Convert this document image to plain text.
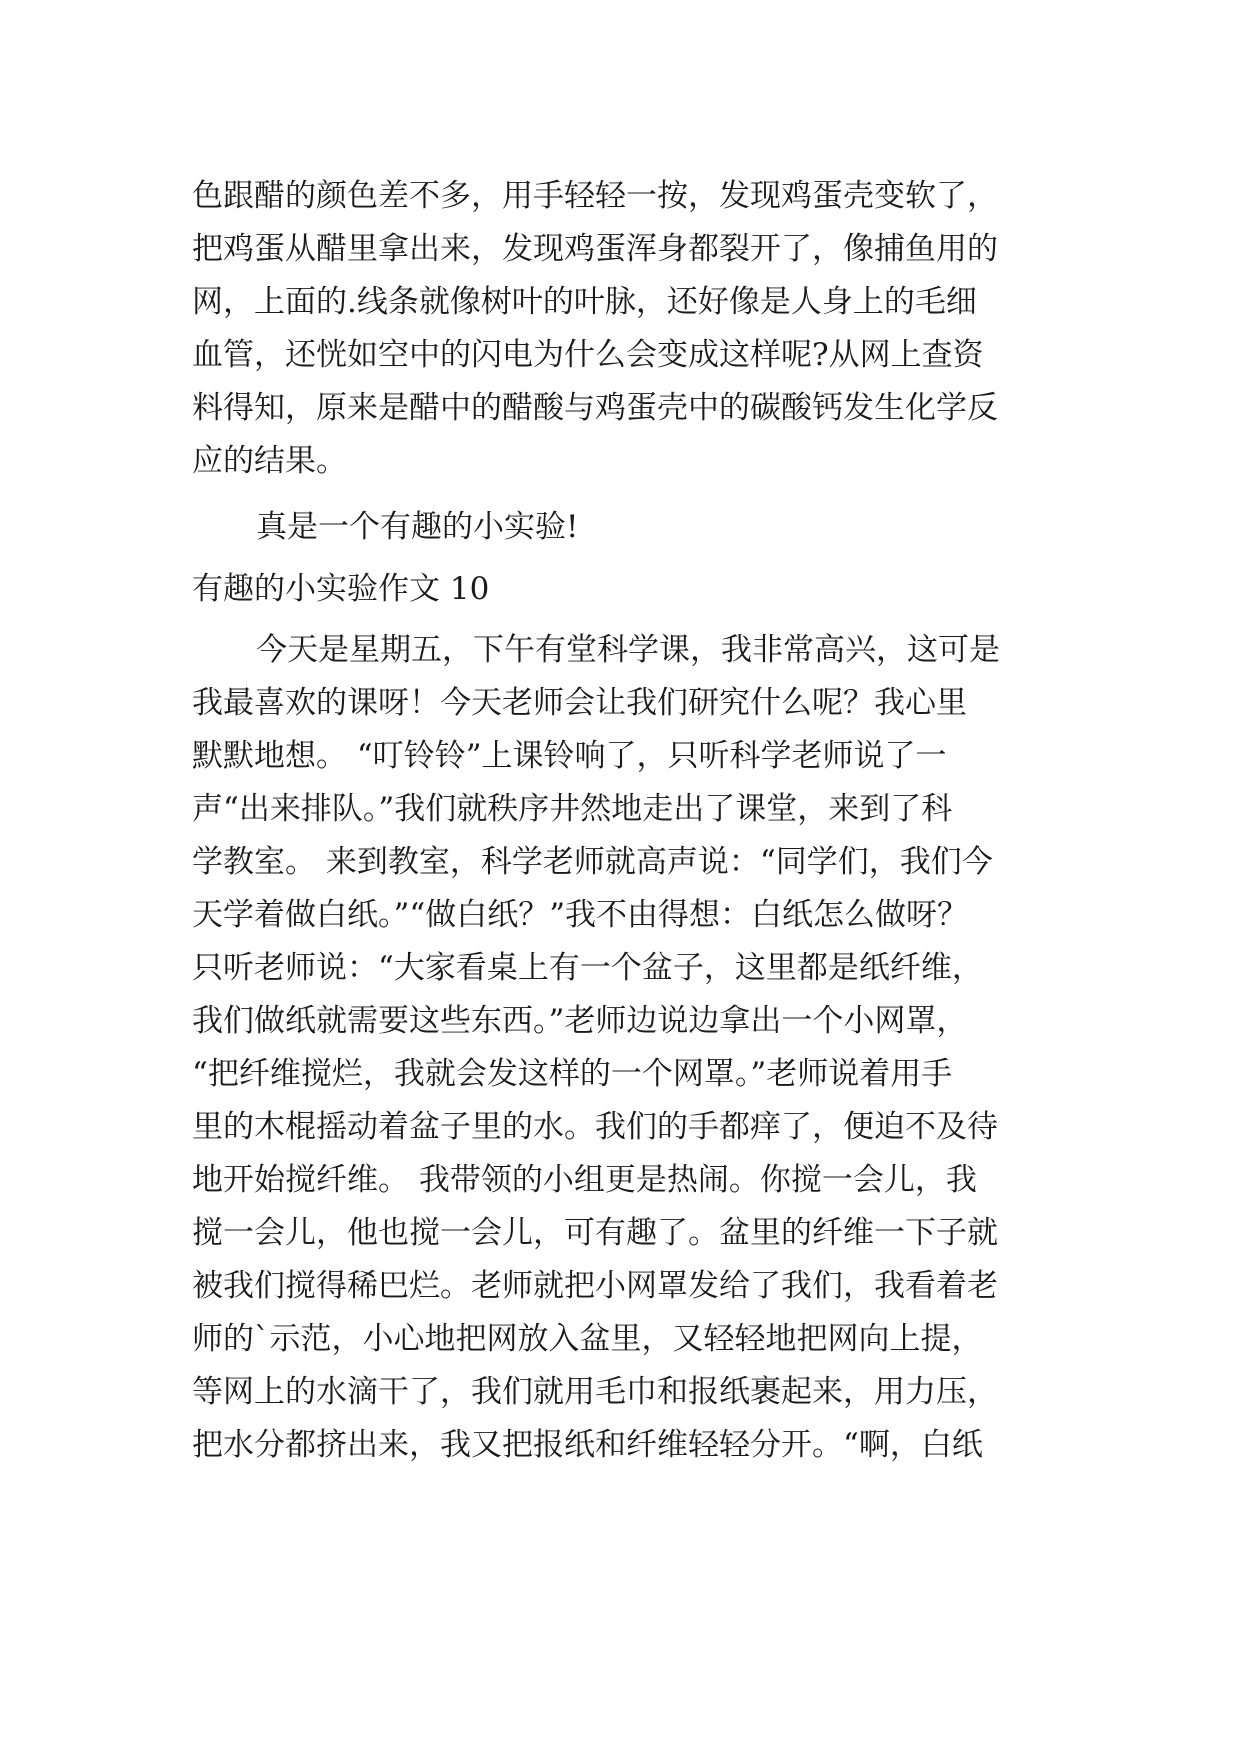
色跟醋的颜色差不多，用手轻轻一按，发现鸡蛋壳变软了，
把鸡蛋从醋里拿出来，发现鸡蛋浑身都裂开了，像捕鱼用的
网，上面的.线条就像树叶的叶脉，还好像是人身上的毛细
血管，还恍如空中的闪电为什么会变成这样呢?从网上查资
料得知，原来是醋中的醋酸与鸡蛋壳中的碳酸钙发生化学反
应的结果。
真是一个有趣的小实验!
有趣的小实验作文 10
今天是星期五，下午有堂科学课，我非常高兴，这可是
我最喜欢的课呀！今天老师会让我们研究什么呢？我心里
默默地想。 “叮铃铃”上课铃响了，只听科学老师说了一
声“出来排队。”我们就秩序井然地走出了课堂，来到了科
学教室。 来到教室，科学老师就高声说：“同学们，我们今
天学着做白纸。”“做白纸？”我不由得想：白纸怎么做呀？
只听老师说：“大家看桌上有一个盆子，这里都是纸纤维，
我们做纸就需要这些东西。”老师边说边拿出一个小网罩，
“把纤维搅烂，我就会发这样的一个网罩。”老师说着用手
里的木棍摇动着盆子里的水。我们的手都痒了，便迫不及待
地开始搅纤维。 我带领的小组更是热闹。你搅一会儿，我
搅一会儿，他也搅一会儿，可有趣了。盆里的纤维一下子就
被我们搅得稀巴烂。老师就把小网罩发给了我们，我看着老
师的`示范，小心地把网放入盆里，又轻轻地把网向上提，
等网上的水滴干了，我们就用毛巾和报纸裹起来，用力压，
把水分都挤出来，我又把报纸和纤维轻轻分开。“啊，白纸
